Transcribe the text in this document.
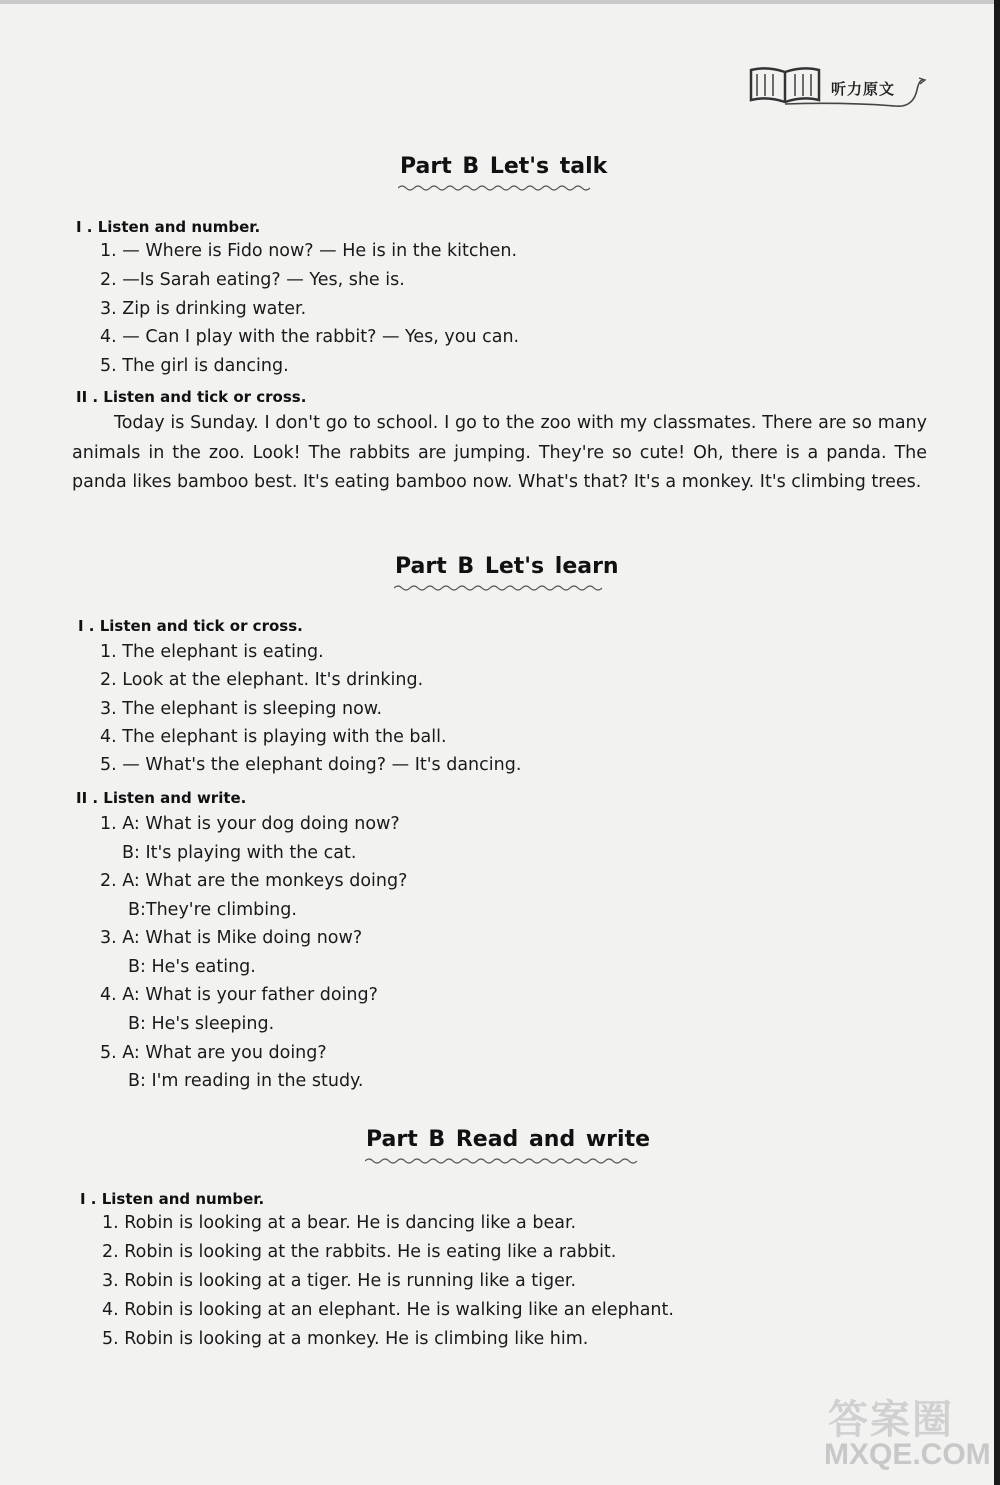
听力原文
Part B Let's talk
I . Listen and number.
1. — Where is Fido now? — He is in the kitchen.
2. —Is Sarah eating? — Yes, she is.
3. Zip is drinking water.
4. — Can I play with the rabbit? — Yes, you can.
5. The girl is dancing.
II . Listen and tick or cross.
Today is Sunday. I don't go to school. I go to the zoo with my classmates. There are so many animals in the zoo. Look! The rabbits are jumping. They're so cute! Oh, there is a panda. The panda likes bamboo best. It's eating bamboo now. What's that? It's a monkey. It's climbing trees.
Part B Let's learn
I . Listen and tick or cross.
1. The elephant is eating.
2. Look at the elephant. It's drinking.
3. The elephant is sleeping now.
4. The elephant is playing with the ball.
5. — What's the elephant doing? — It's dancing.
II . Listen and write.
1. A: What is your dog doing now?
B: It's playing with the cat.
2. A: What are the monkeys doing?
B:They're climbing.
3. A: What is Mike doing now?
B: He's eating.
4. A: What is your father doing?
B: He's sleeping.
5. A: What are you doing?
B: I'm reading in the study.
Part B Read and write
I . Listen and number.
1. Robin is looking at a bear. He is dancing like a bear.
2. Robin is looking at the rabbits. He is eating like a rabbit.
3. Robin is looking at a tiger. He is running like a tiger.
4. Robin is looking at an elephant. He is walking like an elephant.
5. Robin is looking at a monkey. He is climbing like him.
答案圈
MXQE.COM
